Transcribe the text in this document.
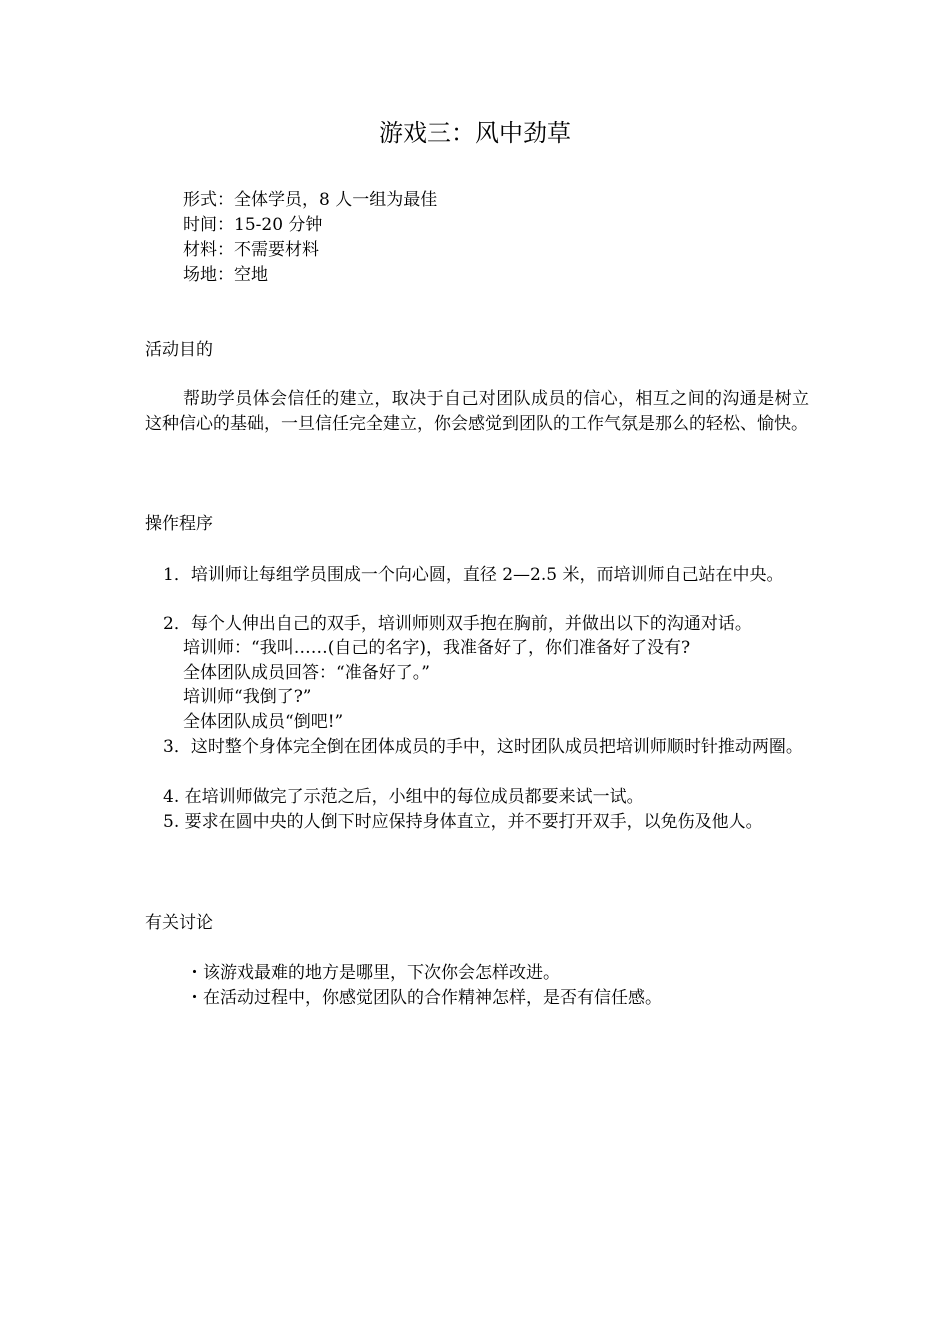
游戏三：风中劲草
形式：全体学员，8 人一组为最佳
时间：15-20 分钟
材料：不需要材料
场地：空地
活动目的
帮助学员体会信任的建立，取决于自己对团队成员的信心，相互之间的沟通是树立这种信心的基础，一旦信任完全建立，你会感觉到团队的工作气氛是那么的轻松、愉快。
操作程序
1．培训师让每组学员围成一个向心圆，直径 2—2.5 米，而培训师自己站在中央。
2．每个人伸出自己的双手，培训师则双手抱在胸前，并做出以下的沟通对话。
培训师：“我叫……(自己的名字)，我准备好了，你们准备好了没有?
全体团队成员回答：“准备好了。”
培训师“我倒了?”
全体团队成员“倒吧!”
3．这时整个身体完全倒在团体成员的手中，这时团队成员把培训师顺时针推动两圈。
4. 在培训师做完了示范之后，小组中的每位成员都要来试一试。
5. 要求在圆中央的人倒下时应保持身体直立，并不要打开双手，以免伤及他人。
有关讨论
・该游戏最难的地方是哪里，下次你会怎样改进。
・在活动过程中，你感觉团队的合作精神怎样，是否有信任感。
